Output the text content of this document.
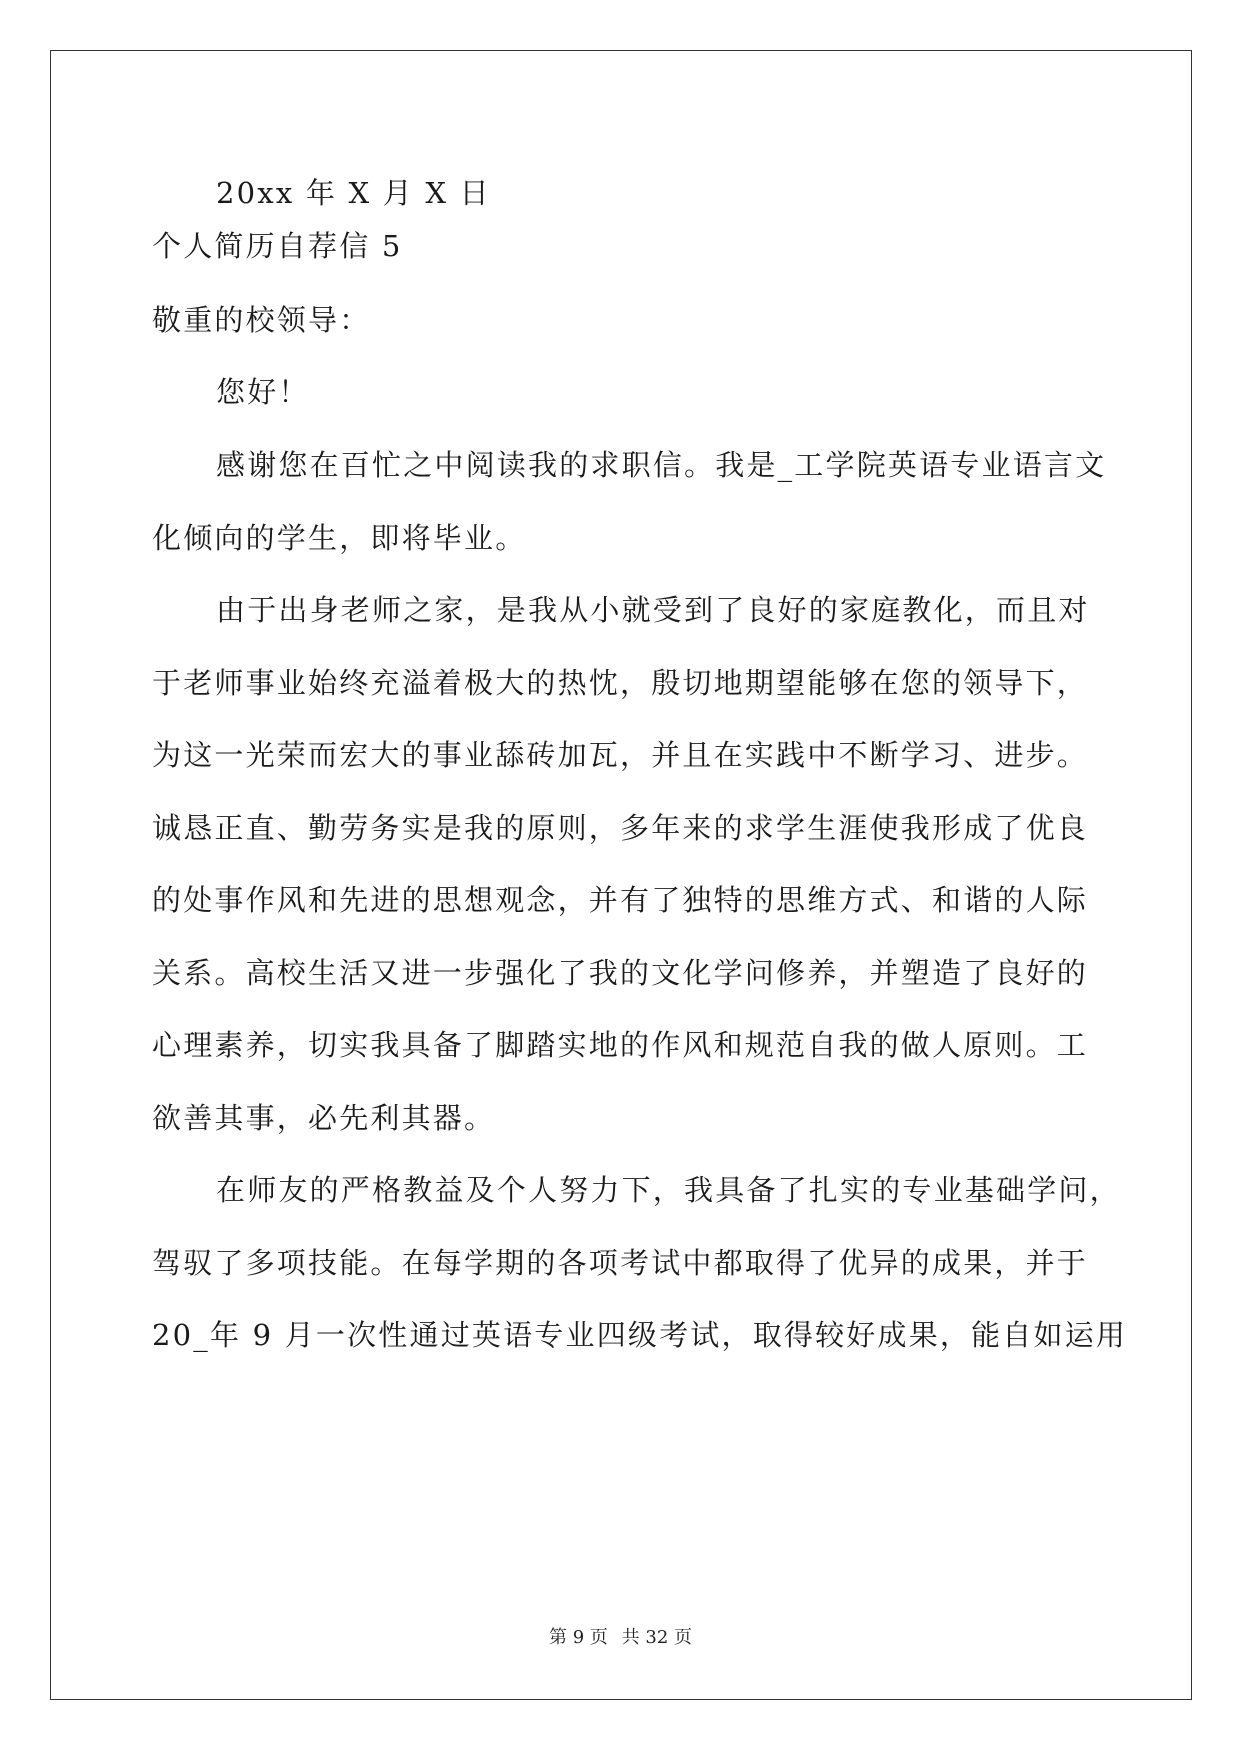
20xx 年 X 月 X 日
个人简历自荐信 5
敬重的校领导：
您好！
感谢您在百忙之中阅读我的求职信。我是_工学院英语专业语言文
化倾向的学生，即将毕业。
由于出身老师之家，是我从小就受到了良好的家庭教化，而且对
于老师事业始终充溢着极大的热忱，殷切地期望能够在您的领导下，
为这一光荣而宏大的事业舔砖加瓦，并且在实践中不断学习、进步。
诚恳正直、勤劳务实是我的原则，多年来的求学生涯使我形成了优良
的处事作风和先进的思想观念，并有了独特的思维方式、和谐的人际
关系。高校生活又进一步强化了我的文化学问修养，并塑造了良好的
心理素养，切实我具备了脚踏实地的作风和规范自我的做人原则。工
欲善其事，必先利其器。
在师友的严格教益及个人努力下，我具备了扎实的专业基础学问，
驾驭了多项技能。在每学期的各项考试中都取得了优异的成果，并于
20_年 9 月一次性通过英语专业四级考试，取得较好成果，能自如运用
第 9 页 共 32 页
